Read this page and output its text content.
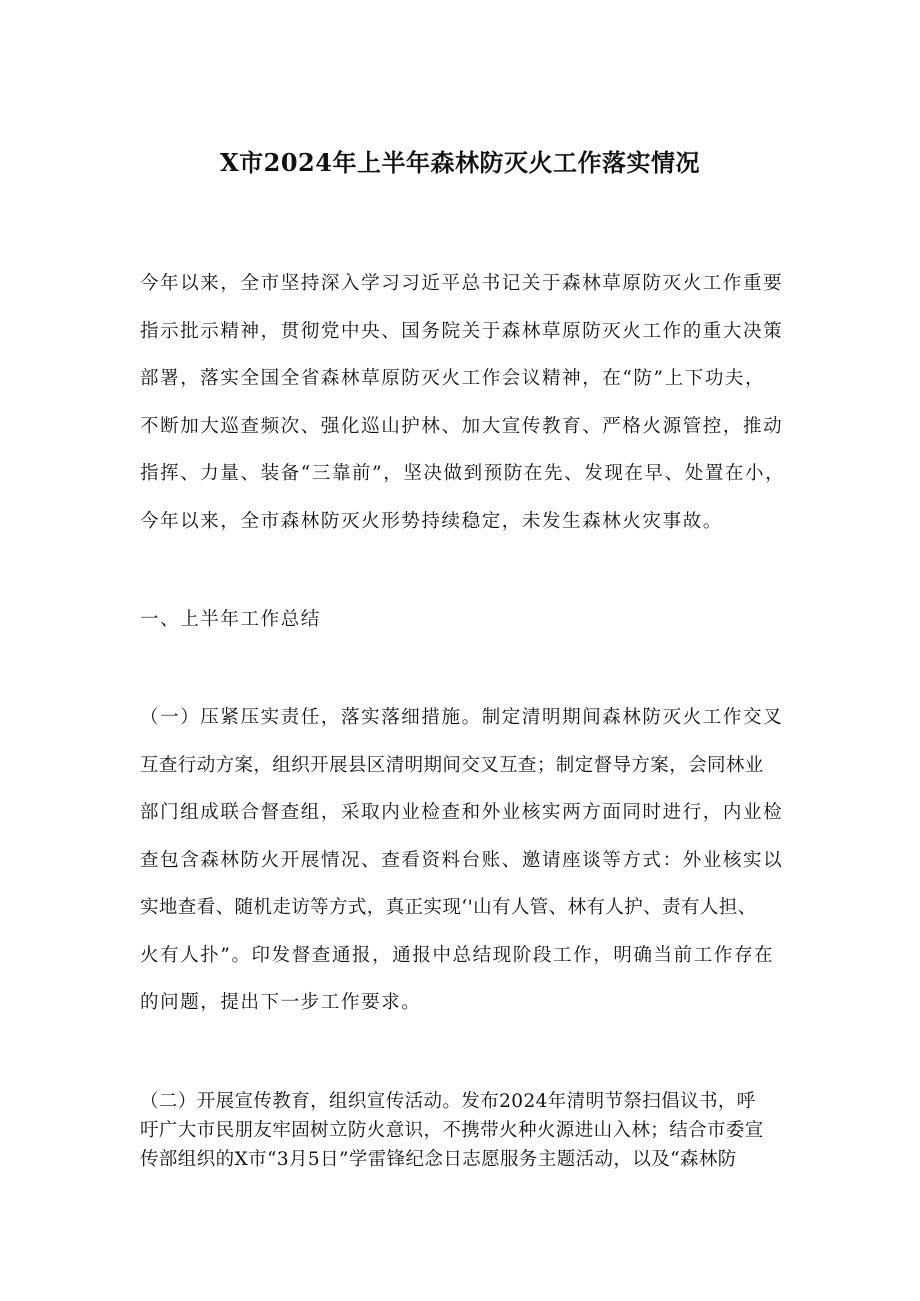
X市2024年上半年森林防灭火工作落实情况
今年以来，全市坚持深入学习习近平总书记关于森林草原防灭火工作重要
指示批示精神，贯彻党中央、国务院关于森林草原防灭火工作的重大决策
部署，落实全国全省森林草原防灭火工作会议精神，在“防”上下功夫，
不断加大巡查频次、强化巡山护林、加大宣传教育、严格火源管控，推动
指挥、力量、装备“三靠前”，坚决做到预防在先、发现在早、处置在小，
今年以来，全市森林防灭火形势持续稳定，未发生森林火灾事故。
一、上半年工作总结
（一）压紧压实责任，落实落细措施。制定清明期间森林防灭火工作交叉
互查行动方案，组织开展县区清明期间交叉互查；制定督导方案，会同林业
部门组成联合督查组，采取内业检查和外业核实两方面同时进行，内业检
查包含森林防火开展情况、查看资料台账、邀请座谈等方式：外业核实以
实地查看、随机走访等方式，真正实现‘'山有人管、林有人护、责有人担、
火有人扑”。印发督查通报，通报中总结现阶段工作，明确当前工作存在
的问题，提出下一步工作要求。
（二）开展宣传教育，组织宣传活动。发布2024年清明节祭扫倡议书，呼
吁广大市民朋友牢固树立防火意识，不携带火种火源进山入林；结合市委宣
传部组织的X市“3月5日”学雷锋纪念日志愿服务主题活动，以及“森林防
